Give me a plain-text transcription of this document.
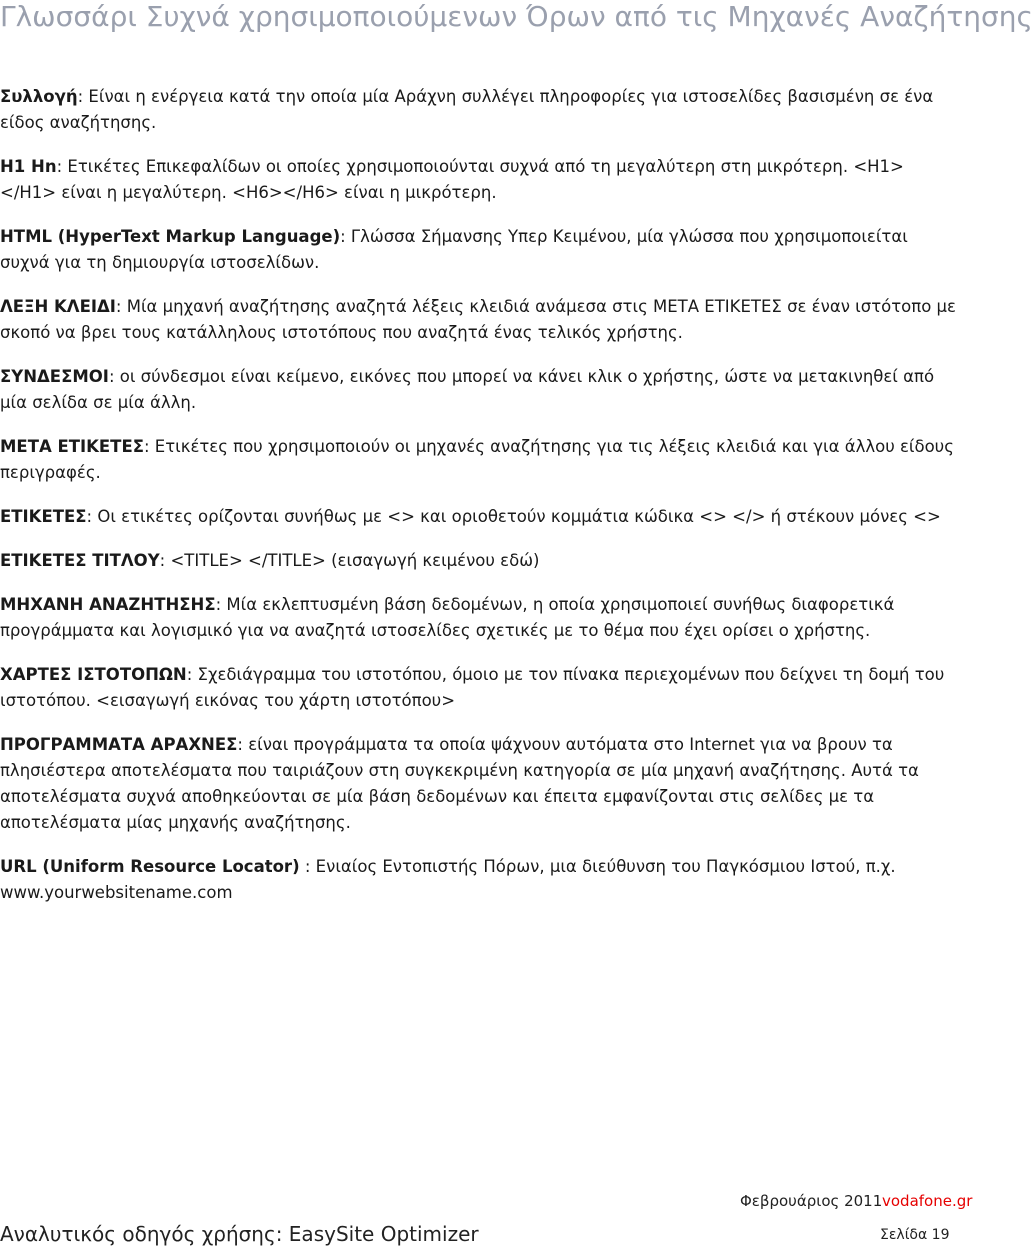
Γλωσσάρι Συχνά χρησιμοποιούμενων Όρων από τις Μηχανές Αναζήτησης

Συλλογή: Είναι η ενέργεια κατά την οποία μία Αράχνη συλλέγει πληροφορίες για ιστοσελίδες βασισμένη σε ένα είδος αναζήτησης.

H1 Hn: Ετικέτες Επικεφαλίδων οι οποίες χρησιμοποιούνται συχνά από τη μεγαλύτερη στη μικρότερη. <H1> </H1> είναι η μεγαλύτερη. <H6></H6> είναι η μικρότερη.

HTML (HyperText Markup Language): Γλώσσα Σήμανσης Υπερ Κειμένου, μία γλώσσα που χρησιμοποιείται συχνά για τη δημιουργία ιστοσελίδων.

ΛΕΞΗ ΚΛΕΙΔΙ: Μία μηχανή αναζήτησης αναζητά λέξεις κλειδιά ανάμεσα στις ΜΕΤΑ ΕΤΙΚΕΤΕΣ σε έναν ιστότοπο με σκοπό να βρει τους κατάλληλους ιστοτόπους που αναζητά ένας τελικός χρήστης.

ΣΥΝΔΕΣΜΟΙ: οι σύνδεσμοι είναι κείμενο, εικόνες που μπορεί να κάνει κλικ ο χρήστης, ώστε να μετακινηθεί από μία σελίδα σε μία άλλη.

ΜΕΤΑ ΕΤΙΚΕΤΕΣ: Ετικέτες που χρησιμοποιούν οι μηχανές αναζήτησης για τις λέξεις κλειδιά και για άλλου είδους περιγραφές.

ΕΤΙΚΕΤΕΣ: Οι ετικέτες ορίζονται συνήθως με <> και οριοθετούν κομμάτια κώδικα <> </> ή στέκουν μόνες <>

ΕΤΙΚΕΤΕΣ ΤΙΤΛΟΥ: <TITLE> </TITLE> (εισαγωγή κειμένου εδώ)

ΜΗΧΑΝΗ ΑΝΑΖΗΤΗΣΗΣ: Μία εκλεπτυσμένη βάση δεδομένων, η οποία χρησιμοποιεί συνήθως διαφορετικά προγράμματα και λογισμικό για να αναζητά ιστοσελίδες σχετικές με το θέμα που έχει ορίσει ο χρήστης.

ΧΑΡΤΕΣ ΙΣΤΟΤΟΠΩΝ: Σχεδιάγραμμα του ιστοτόπου, όμοιο με τον πίνακα περιεχομένων που δείχνει τη δομή του ιστοτόπου. <εισαγωγή εικόνας του χάρτη ιστοτόπου>

ΠΡΟΓΡΑΜΜΑΤΑ ΑΡΑΧΝΕΣ: είναι προγράμματα τα οποία ψάχνουν αυτόματα στο Internet για να βρουν τα πλησιέστερα αποτελέσματα που ταιριάζουν στη συγκεκριμένη κατηγορία σε μία μηχανή αναζήτησης. Αυτά τα αποτελέσματα συχνά αποθηκεύονται σε μία βάση δεδομένων και έπειτα εμφανίζονται στις σελίδες με τα αποτελέσματα μίας μηχανής αναζήτησης.

URL (Uniform Resource Locator) : Ενιαίος Εντοπιστής Πόρων, μια διεύθυνση του Παγκόσμιου Ιστού, π.χ. www.yourwebsitename.com

Φεβρουάριος 2011 vodafone.gr
Αναλυτικός οδηγός χρήσης: EasySite Optimizer	Σελίδα 19
